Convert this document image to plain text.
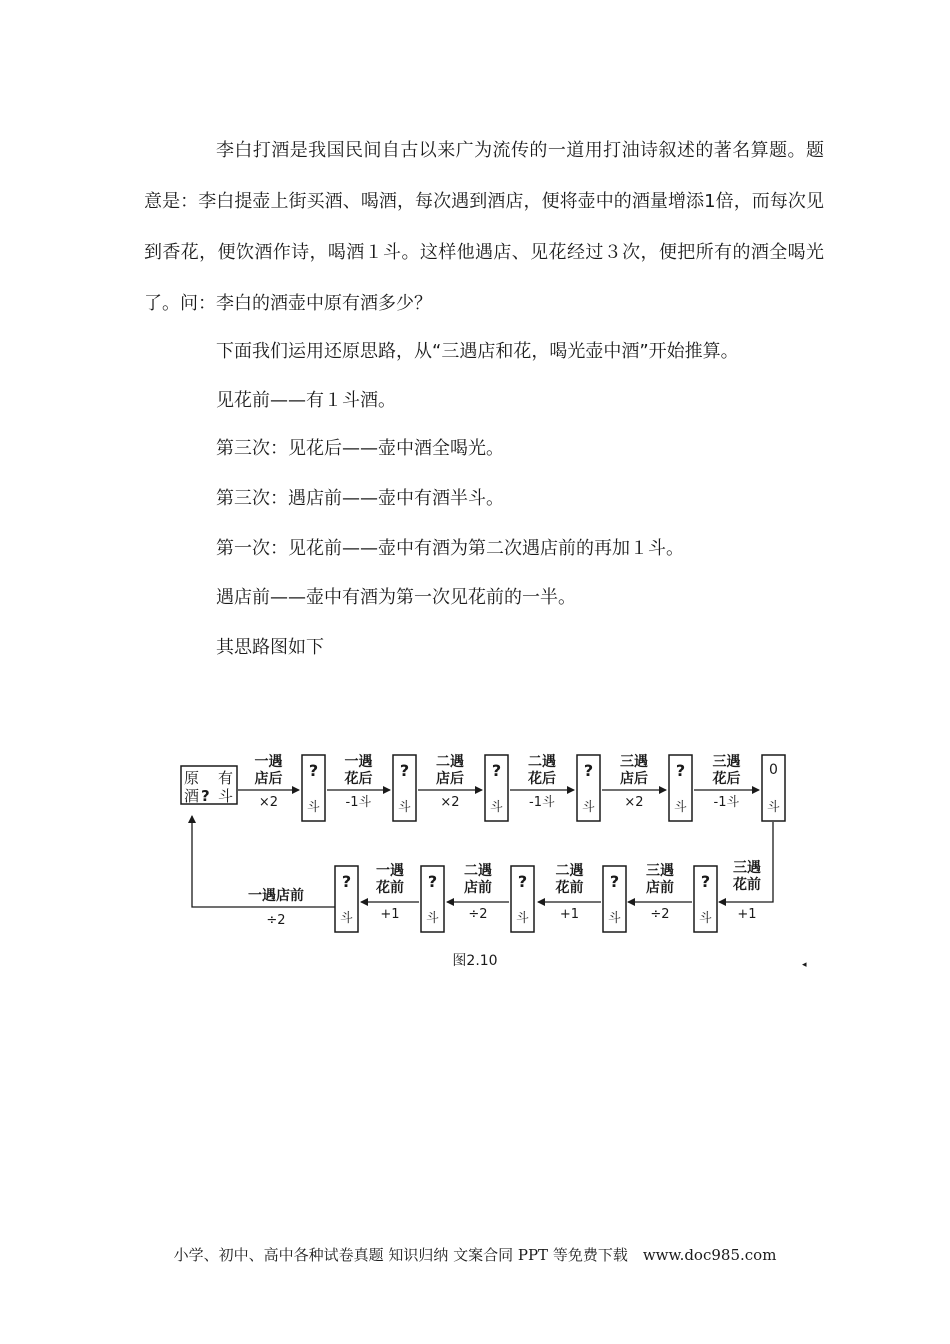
李白打酒是我国民间自古以来广为流传的一道用打油诗叙述的著名算题。题意是：李白提壶上街买酒、喝酒，每次遇到酒店，便将壶中的酒量增添1倍，而每次见到香花，便饮酒作诗，喝酒１斗。这样他遇店、见花经过３次，便把所有的酒全喝光了。问：李白的酒壶中原有酒多少？

下面我们运用还原思路，从“三遇店和花，喝光壶中酒”开始推算。

见花前——有１斗酒。

第三次：见花后——壶中酒全喝光。

第三次：遇店前——壶中有酒半斗。

第一次：见花前——壶中有酒为第二次遇店前的再加１斗。

遇店前——壶中有酒为第一次见花前的一半。

其思路图如下

原 有
酒 ? 斗
?
斗
?
斗
?
斗
?
斗
?
斗
一遇
店后
×2
一遇
花后
-1斗
二遇
店后
×2
二遇
花后
-1斗
三遇
店后
×2
三遇
花后
-1斗
0
斗
三遇
花前
+1
?
斗
?
斗
?
斗
?
斗
?
斗
三遇
店前
÷2
二遇
花前
+1
二遇
店前
÷2
一遇
花前
+1
一遇店前
÷2
图2.10	◂
小学、初中、高中各种试卷真题 知识归纳 文案合同 PPT 等免费下载　www.doc985.com
